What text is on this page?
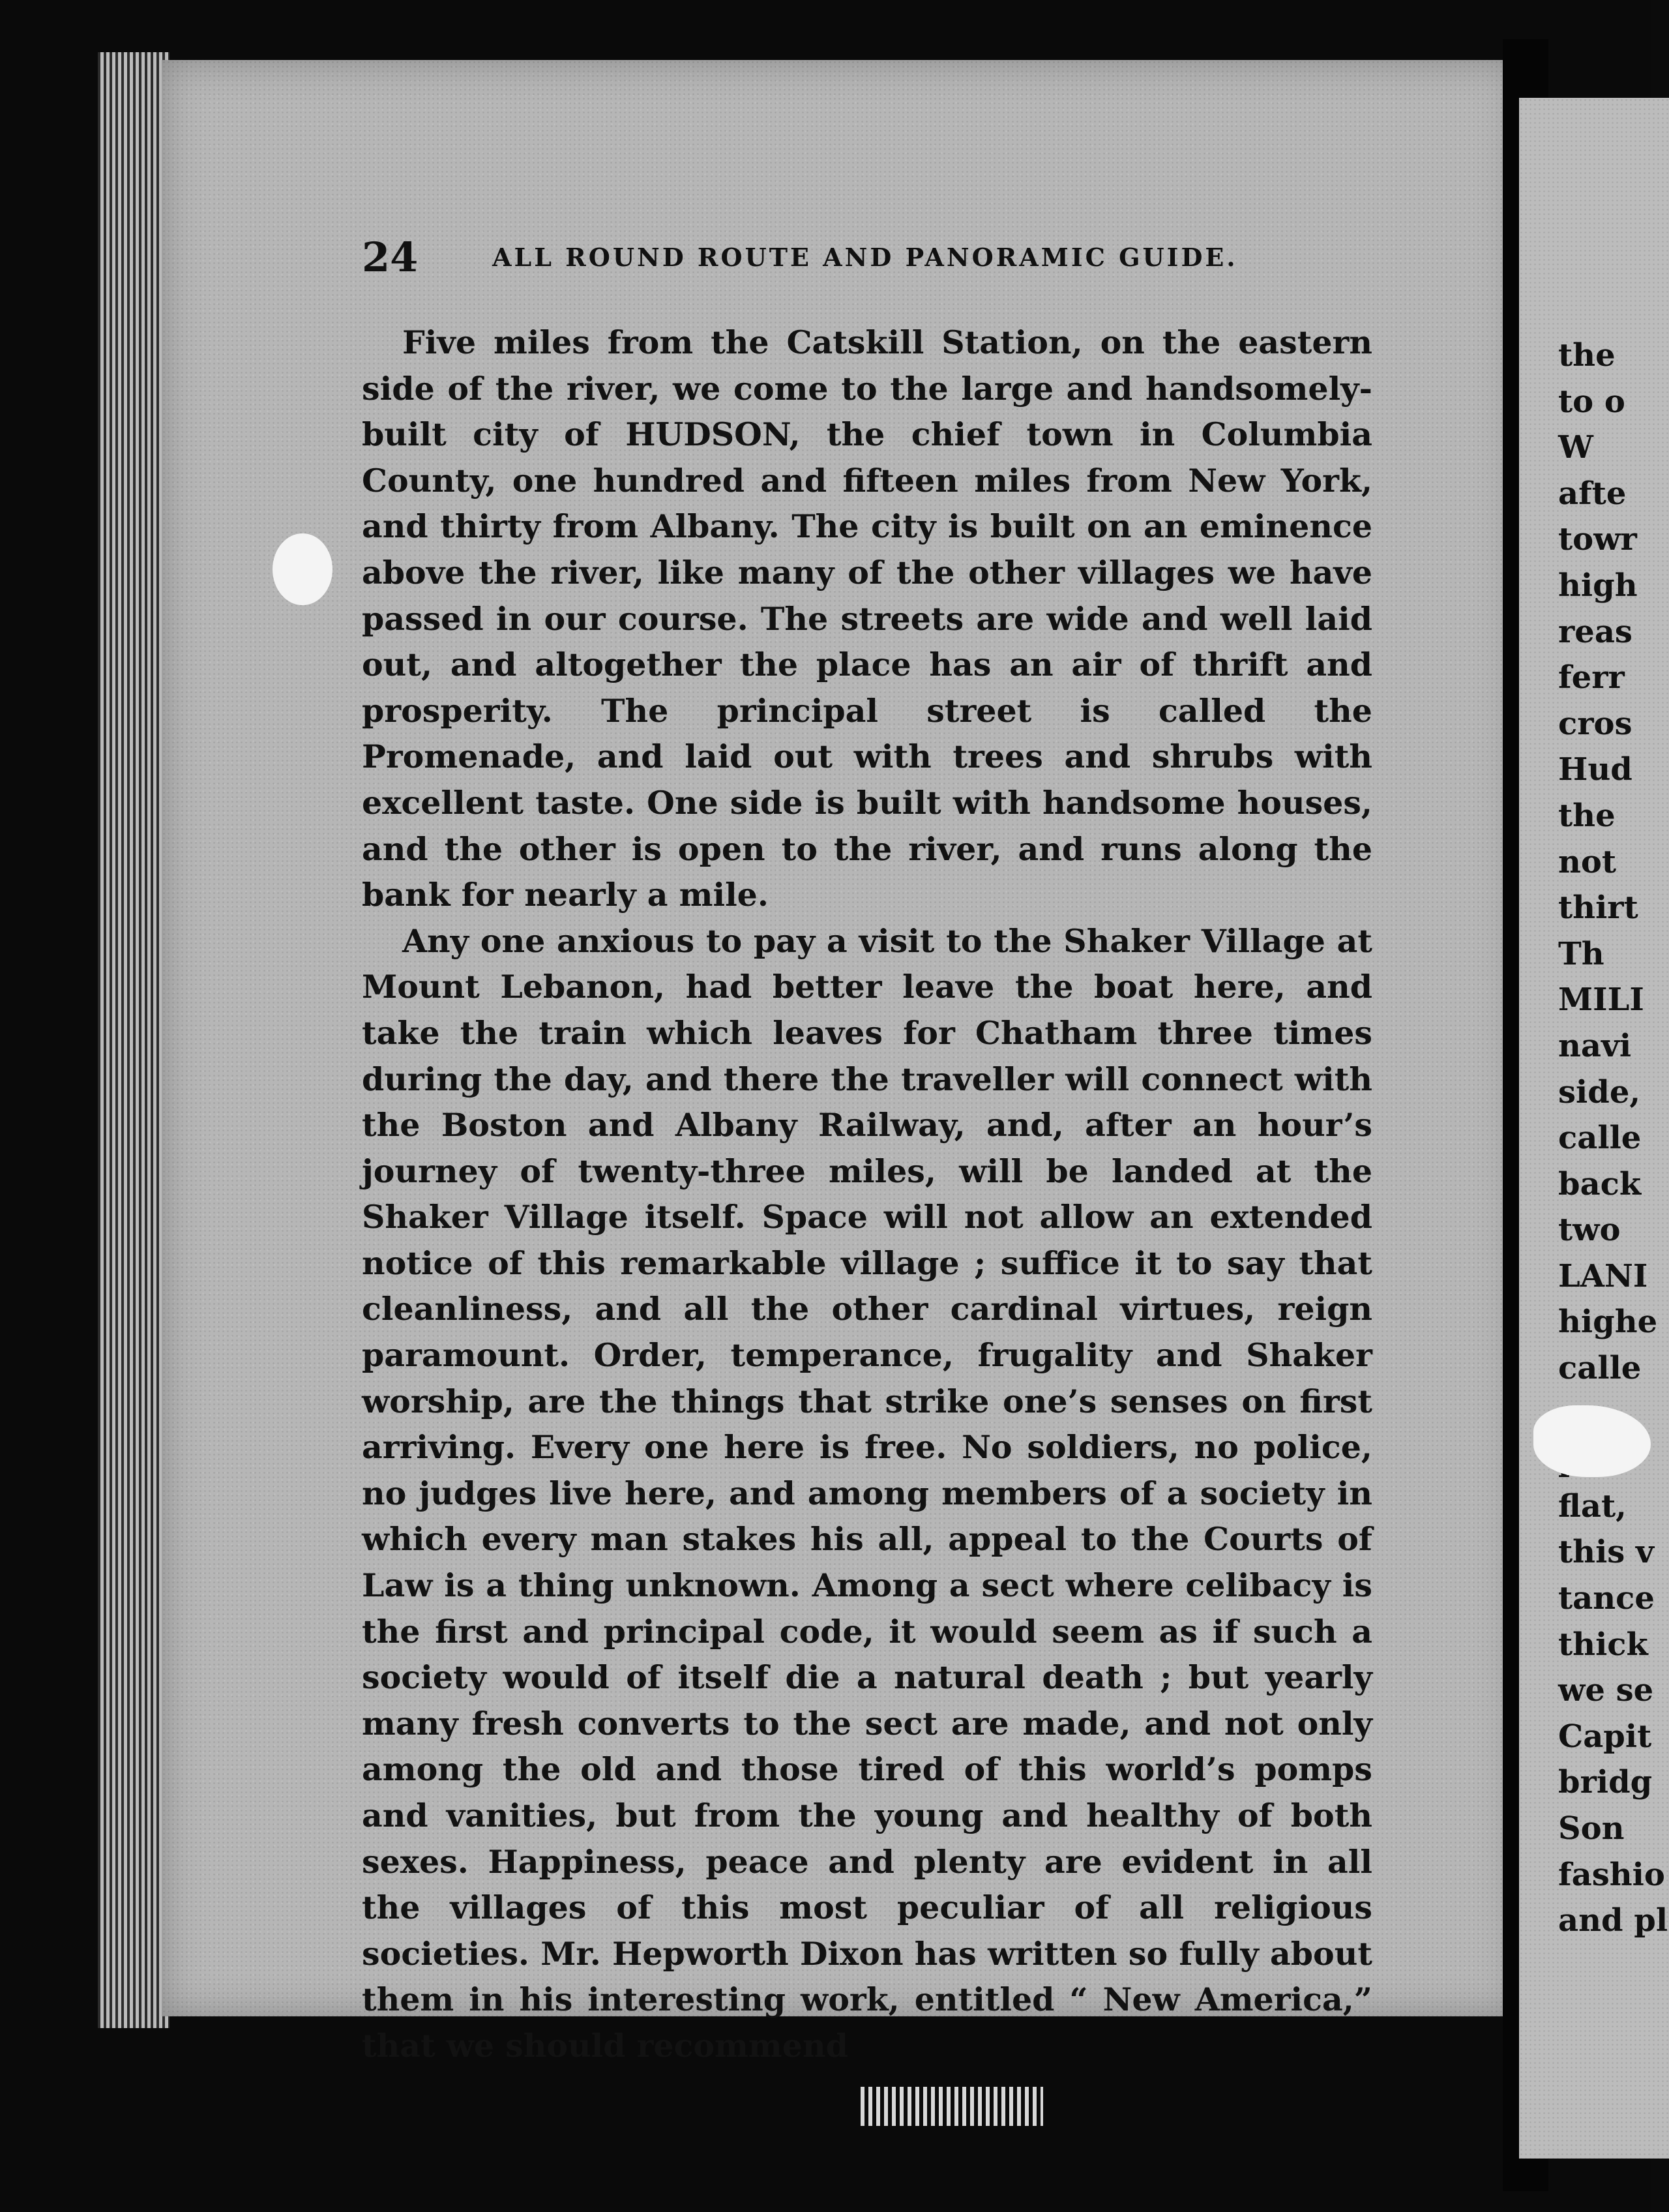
24	ALL ROUND ROUTE AND PANORAMIC GUIDE.

Five miles from the Catskill Station, on the eastern side of the river, we come to the large and handsomely-built city of HUDSON, the chief town in Columbia County, one hundred and fifteen miles from New York, and thirty from Albany. The city is built on an eminence above the river, like many of the other villages we have passed in our course. The streets are wide and well laid out, and altogether the place has an air of thrift and prosperity. The principal street is called the Promenade, and laid out with trees and shrubs with excellent taste. One side is built with handsome houses, and the other is open to the river, and runs along the bank for nearly a mile.

Any one anxious to pay a visit to the Shaker Village at Mount Lebanon, had better leave the boat here, and take the train which leaves for Chatham three times during the day, and there the traveller will connect with the Boston and Albany Railway, and, after an hour’s journey of twenty-three miles, will be landed at the Shaker Village itself. Space will not allow an extended notice of this remarkable village ; suffice it to say that cleanliness, and all the other cardinal virtues, reign paramount. Order, temperance, frugality and Shaker worship, are the things that strike one’s senses on first arriving. Every one here is free. No soldiers, no police, no judges live here, and among members of a society in which every man stakes his all, appeal to the Courts of Law is a thing unknown. Among a sect where celibacy is the first and principal code, it would seem as if such a society would of itself die a natural death ; but yearly many fresh converts to the sect are made, and not only among the old and those tired of this world’s pomps and vanities, but from the young and healthy of both sexes. Happiness, peace and plenty are evident in all the villages of this most peculiar of all religious societies. Mr. Hepworth Dixon has written so fully about them in his interesting work, entitled “ New America,” that we should recommend

the
to o
W
afte
towr
high
reas
ferr
cros
Hud
the
not
thirt
Th
MILI
navi
side,
calle
back
two
LANI
highe
calle

flat,
this v
tance
thick
we se
Capit
bridg
Son
fashio
and pl
